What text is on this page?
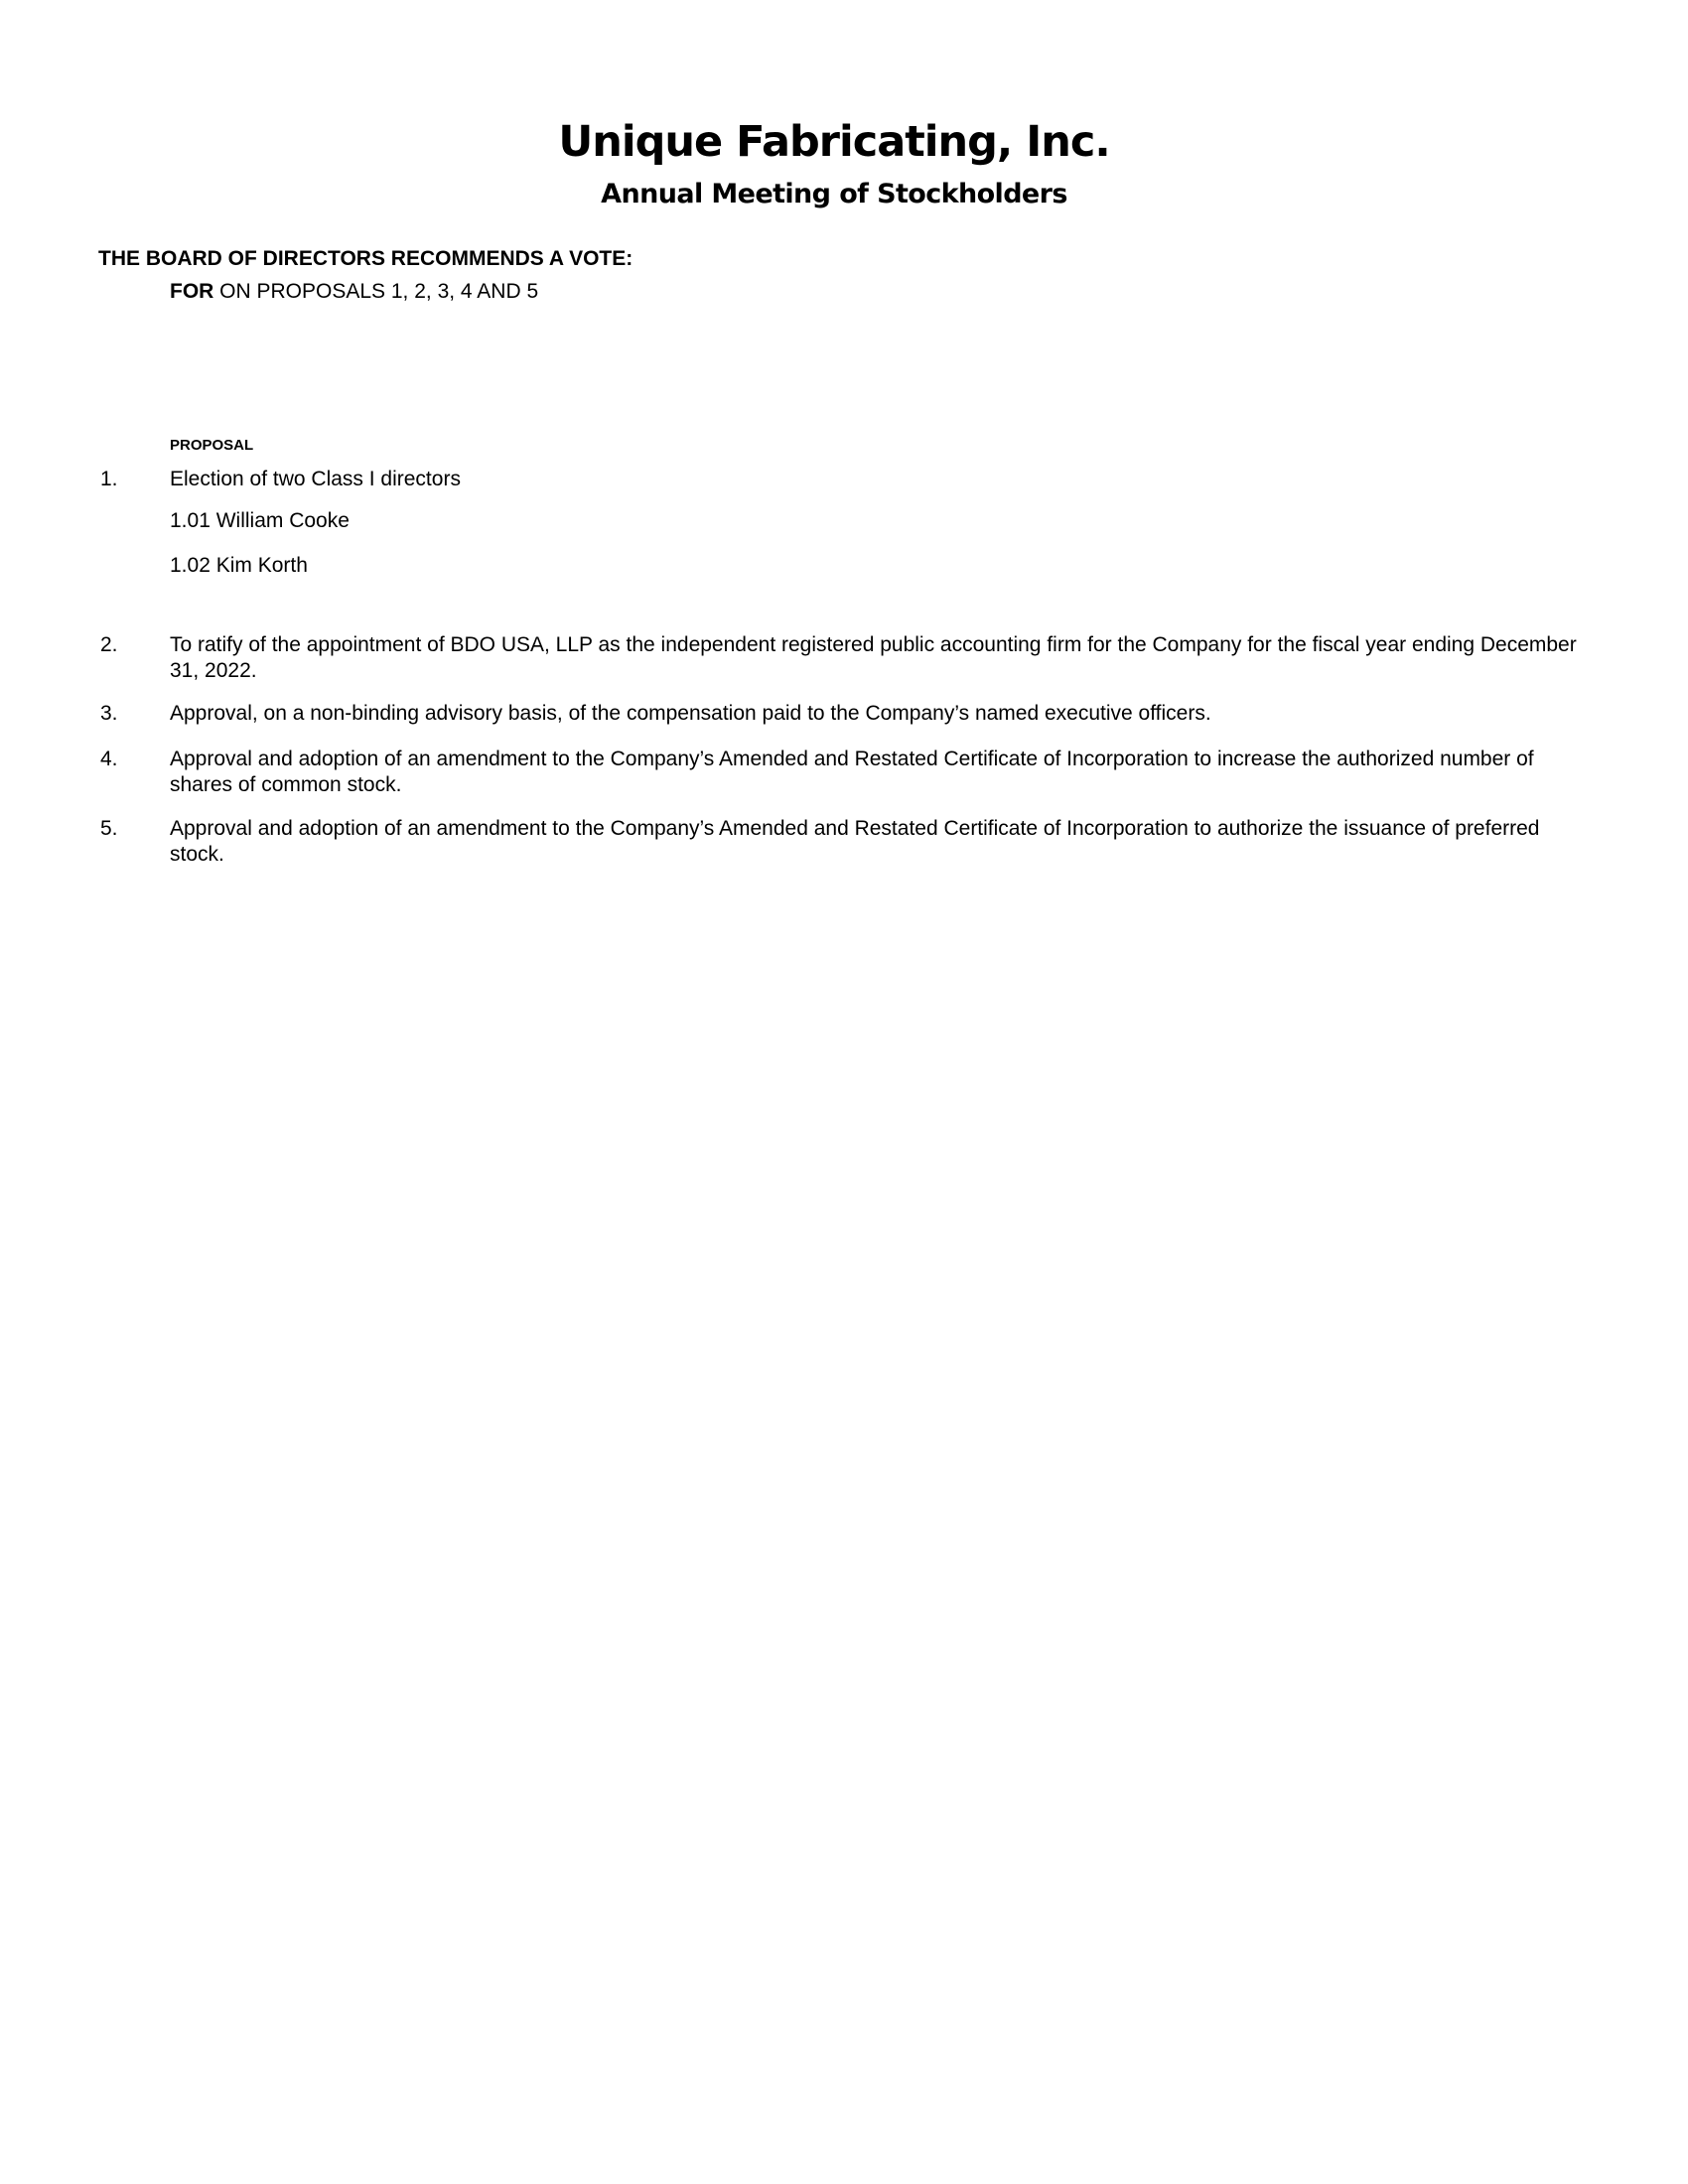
Unique Fabricating, Inc.
Annual Meeting of Stockholders
THE BOARD OF DIRECTORS RECOMMENDS A VOTE:
FOR ON PROPOSALS 1, 2, 3, 4 AND 5
PROPOSAL
1. Election of two Class I directors
1.01 William Cooke
1.02 Kim Korth
2. To ratify of the appointment of BDO USA, LLP as the independent registered public accounting firm for the Company for the fiscal year ending December 31, 2022.
3. Approval, on a non-binding advisory basis, of the compensation paid to the Company’s named executive officers.
4. Approval and adoption of an amendment to the Company’s Amended and Restated Certificate of Incorporation to increase the authorized number of shares of common stock.
5. Approval and adoption of an amendment to the Company’s Amended and Restated Certificate of Incorporation to authorize the issuance of preferred stock.
